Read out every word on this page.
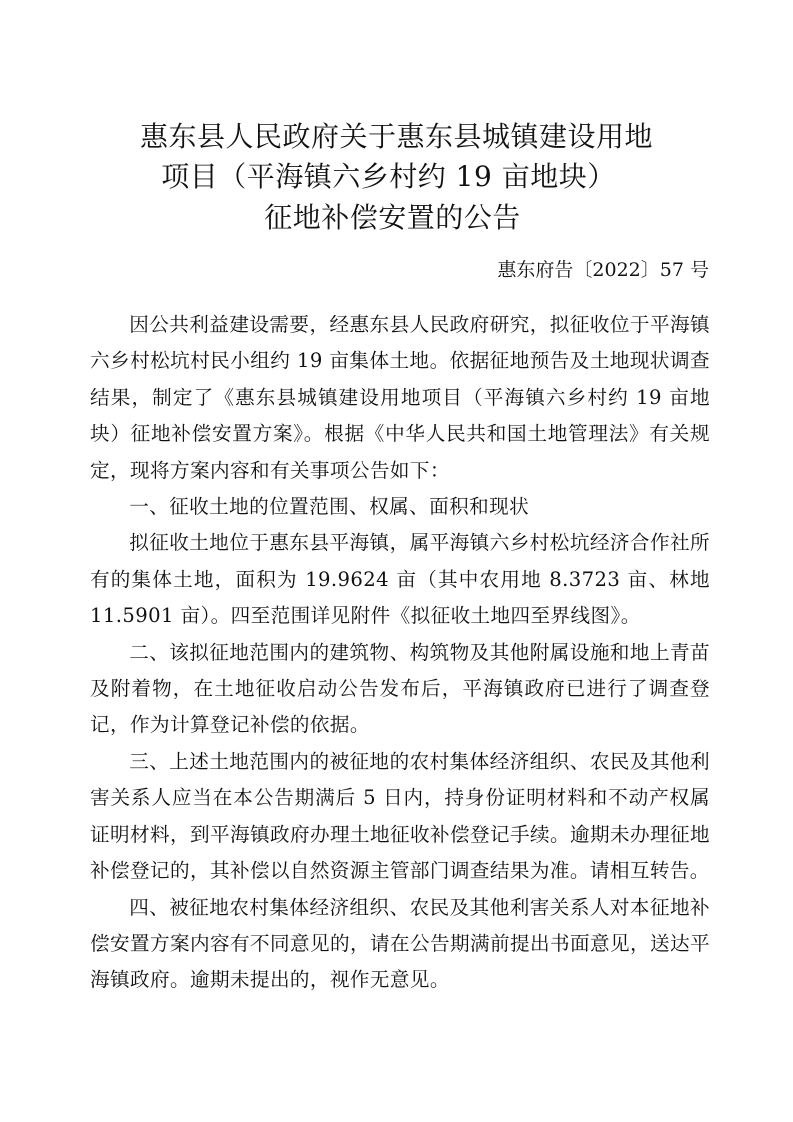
惠东县人民政府关于惠东县城镇建设用地
项目（平海镇六乡村约 19 亩地块）
征地补偿安置的公告
惠东府告〔2022〕57 号

因公共利益建设需要，经惠东县人民政府研究，拟征收位于平海镇六乡村松坑村民小组约 19 亩集体土地。依据征地预告及土地现状调查结果，制定了《惠东县城镇建设用地项目（平海镇六乡村约 19 亩地块）征地补偿安置方案》。根据《中华人民共和国土地管理法》有关规定，现将方案内容和有关事项公告如下：

一、征收土地的位置范围、权属、面积和现状

拟征收土地位于惠东县平海镇，属平海镇六乡村松坑经济合作社所有的集体土地，面积为 19.9624 亩（其中农用地 8.3723 亩、林地 11.5901 亩）。四至范围详见附件《拟征收土地四至界线图》。

二、该拟征地范围内的建筑物、构筑物及其他附属设施和地上青苗及附着物，在土地征收启动公告发布后，平海镇政府已进行了调查登记，作为计算登记补偿的依据。

三、上述土地范围内的被征地的农村集体经济组织、农民及其他利害关系人应当在本公告期满后 5 日内，持身份证明材料和不动产权属证明材料，到平海镇政府办理土地征收补偿登记手续。逾期未办理征地补偿登记的，其补偿以自然资源主管部门调查结果为准。请相互转告。

四、被征地农村集体经济组织、农民及其他利害关系人对本征地补偿安置方案内容有不同意见的，请在公告期满前提出书面意见，送达平海镇政府。逾期未提出的，视作无意见。
